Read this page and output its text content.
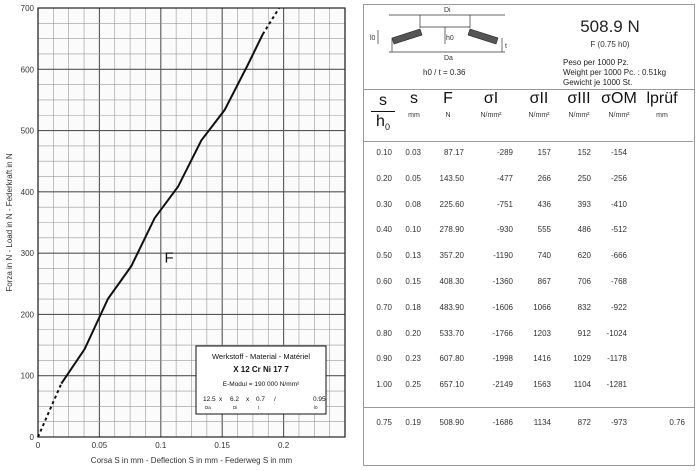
0	0.05	0.1	0.15	0.2
0
100
200
300
400
500
600
700
Corsa S in mm - Deflection S in mm - Federweg S in mm
Forza in N - Load in N - Federkraft in N	F
Werkstoff - Material - Matériel
X 12 Cr Ni 17 7
E-Modul = 190 000 N/mm²
12.5 x 6.2 x 0.7 /	0.95
Da	Di	t	l0
Di
Da
l0	h0
t
508.9 N
F (0.75 h0)
Peso per 1000 Pz.
Weight per 1000 Pc. : 0.51kg
Gewicht je 1000 St.
h0 / t = 0.36
s
$h_0$
s
mm
F
N
σI
N/mm²
σII
N/mm²
σIII
N/mm²
σOM
N/mm²
lprüf
mm
0.10 0.03	87.17	-289	157	152 -154
0.20 0.05 143.50	-477	266	250 -256
0.30 0.08 225.60	-751	436	393 -410
0.40 0.10 278.90	-930	555	486 -512
0.50 0.13 357.20	-1190	740	620 -666
0.60 0.15 408.30	-1360	867	706 -768
0.70 0.18 483.90	-1606	1066	832 -922
0.80 0.20 533.70	-1766	1203	912 -1024
0.90 0.23 607.80	-1998	1416	1029 -1178
1.00 0.25 657.10	-2149	1563	1104 -1281
0.75 0.19 508.90	-1686	1134	872 -973	0.76
